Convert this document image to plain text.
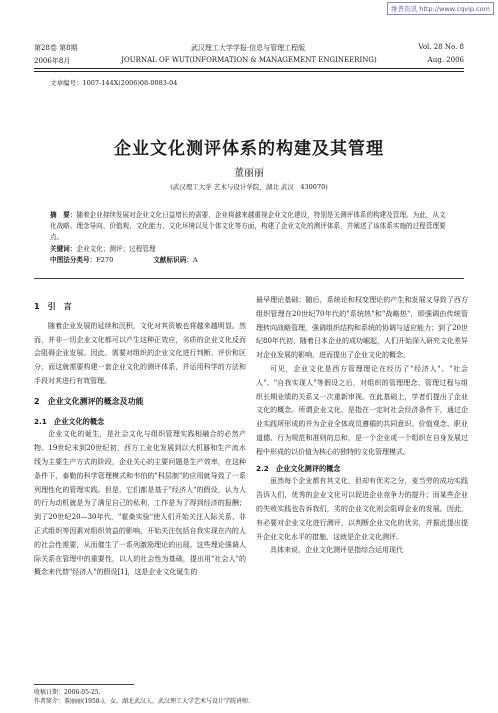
维普资讯 http://www.cqvip.com
第28卷 第8期	武汉理工大学学报·信息与管理工程版	Vol. 28 No. 8
2006年8月	JOURNAL OF WUT(INFORMATION & MANAGEMENT ENGINEERING)	Aug. 2006
文章编号：1007-144X(2006)08-0083-04
企业文化测评体系的构建及其管理
董丽丽
(武汉理工大学 艺术与设计学院，湖北 武汉　430070)

摘　要：随着企业持续发展对企业文化日益增长的需要，企业将越来越重视企业文化建设，特别是关测评体系的构建及管理。为此，从文化战略、理念导向、价值观、文化能力、文化环境以及个体文化等方面，构建了企业文化的测评体系，并阐述了该体系实施的过程管理要点。

关键词：企业文化；测评；过程管理

中图法分类号：F270	文献标识码：A
1　引　言

随着企业发展的延续和沉积，文化对其资敏也将越来越明显。然而，并非一切企业文化都可以产生这种正效应，劣质的企业文化反而会阻碍企业发展。因此，需要对组织的企业文化进行判断、评价和区分，而这就需要构建一套企业文化的测评体系，并运用科学的方法和手段对其进行有效管理。

2　企业文化测评的概念及功能
2.1　企业文化的概念

企业文化的诞生，是社会文化与组织管理实践相融合的必然产物。19世纪末到20世纪初，西方工业化发展到以大机器和生产流水线为主要生产方式的阶段，企业关心的主要问题是生产效率，在这种条件下，泰勒的科学管理模式和韦伯的"科层制"的应用就导致了一系列理性化的管理实践。但是，它们都是基于"经济人"的假设，认为人的行为动机就是为了满足自己的私利，工作是为了得到经济的报酬；到了20世纪20—30年代，"霍桑实验"使人们开始关注人际关系、非正式组织等因素对组织效益的影响，开始关注包括自我实现在内的人的社会性需要，从而催生了一系列激励理论的出现。这些理论强调人际关系在管理中的重要性，以人的社会性为基础，提出用"社会人"的概念来代替"经济人"的假设[1]，这是企业文化诞生的

最早理论基础；随后，系统论和权变理论的产生和发展又导致了西方组织管理在20世纪70年代的"系统热"和"战略热"，即强调由传统管理转向战略管理，强调组织结构和系统的协调与适应能力；到了20世纪80年代初，随着日本企业的成功崛起，人们开始深入研究文化差异对企业发展的影响，进而提出了企业文化的概念。

可见，企业文化是西方管理理论在经历了"经济人"、"社会人"、"自我实现人"等假设之后，对组织的管理理念、管理过程与组织长期业绩的关系又一次重新审视。在此基础上，学者们提出了企业文化的概念。所谓企业文化，是指在一定时社会经济条件下，通过企业实践所形成的并为企业全体成员遵循的共同意识、价值观念、职业道德、行为规范和准则的总和，是一个企业或一个组织在自身发展过程中形成的以价值为核心的独特的文化管理模式。

2.2　企业文化测评的概念

虽然每个企业都有其文化，但却有优劣之分，麦当劳的成功实践告诉人们，优秀的企业文化可以促进企业竞争力的提升；而某些企业的失败实践也告诉我们，劣的企业文化则会阻碍企业的发展。因此，有必要对企业文化进行测评，以判断企业文化的优劣，并据此提出提升企业文化水平的措施，这就是企业文化测评。

具体来说，企业文化测评是指综合运用现代

收稿日期：2006-05-25.

作者简介：董丽丽(1958-)，女，湖北武汉人，武汉理工大学艺术与设计学院讲师.
